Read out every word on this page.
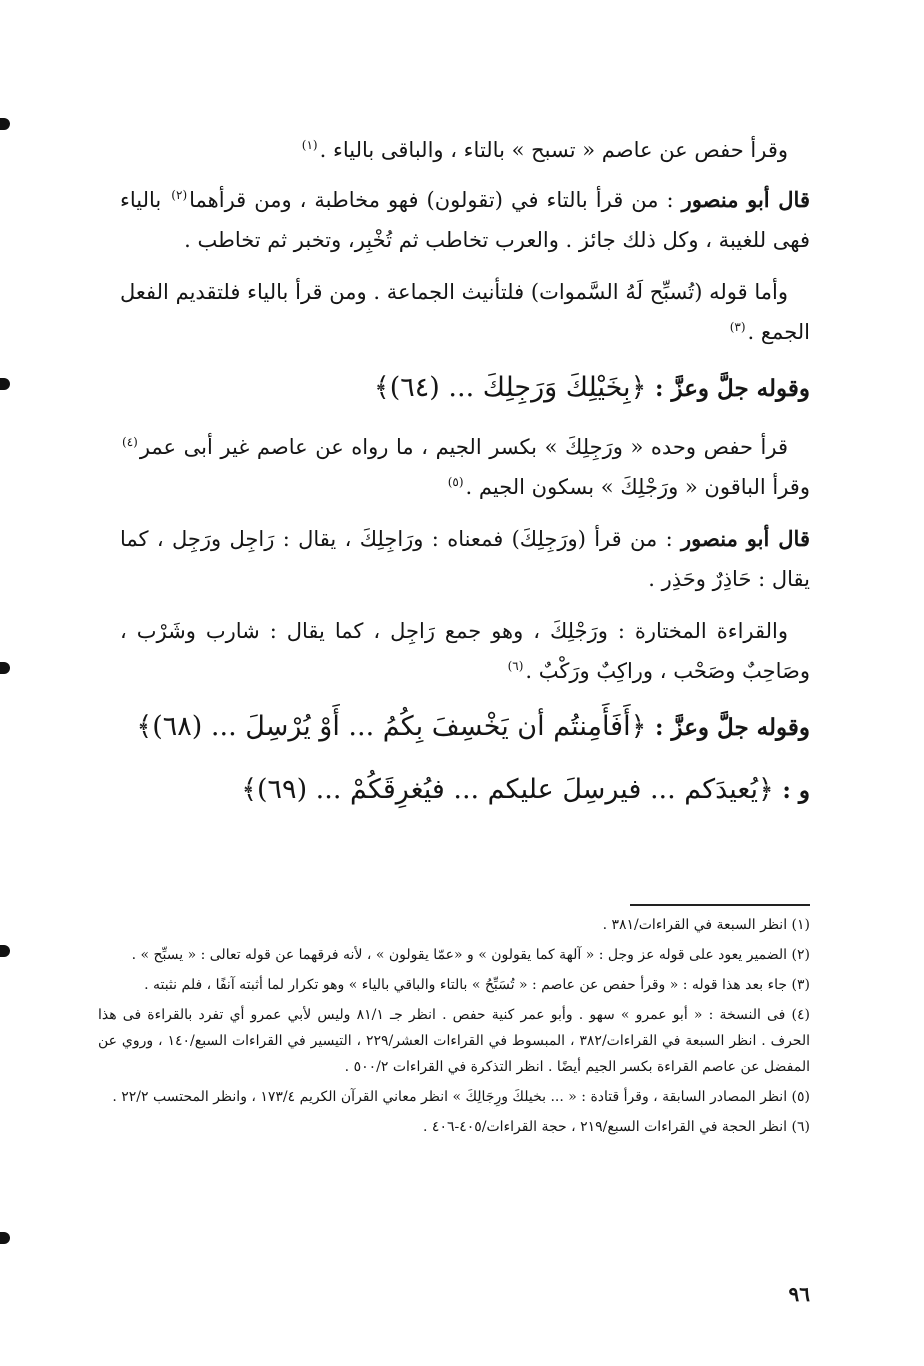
وقرأ حفص عن عاصم « تسبح » بالتاء ، والباقى بالياء .$^{(١)}$

قال أبو منصور : من قرأ بالتاء في (تقولون) فهو مخاطبة ، ومن قرأهما$^{(٢)}$ بالياء فهى للغيبة ، وكل ذلك جائز . والعرب تخاطب ثم تُخْبِر، وتخبر ثم تخاطب .

وأما قوله (تُسبِّح لَهُ السَّموات) فلتأنيث الجماعة . ومن قرأ بالياء فلتقديم الفعل الجمع .$^{(٣)}$

وقوله جلَّ وعزَّ : ﴿بِخَيْلِكَ وَرَجِلِكَ ... (٦٤)﴾

قرأ حفص وحده « ورَجِلِكَ » بكسر الجيم ، ما رواه عن عاصم غير أبى عمر$^{(٤)}$ وقرأ الباقون « ورَجْلِكَ » بسكون الجيم .$^{(٥)}$

قال أبو منصور : من قرأ (ورَجِلِكَ) فمعناه : ورَاجِلِكَ ، يقال : رَاجِل ورَجِل ، كما يقال : حَاذِرٌ وحَذِر .

والقراءة المختارة : ورَجْلِكَ ، وهو جمع رَاجِل ، كما يقال : شارب وشَرْب ، وصَاحِبٌ وصَحْب ، وراكِبٌ ورَكْبٌ .$^{(٦)}$

وقوله جلَّ وعزَّ : ﴿أَفَأَمِنتُم أن يَخْسِفَ بِكُمُ ... أَوْ يُرْسِلَ ... (٦٨)﴾
و : ﴿يُعيدَكم ... فيرسِلَ عليكم ... فيُغرِقَكُمْ ... (٦٩)﴾

(١) انظر السبعة في القراءات/٣٨١ .

(٢) الضمير يعود على قوله عز وجل : « آلهة كما يقولون » و «عمّا يقولون » ، لأنه فرقهما عن قوله تعالى : « يسبِّح » .

(٣) جاء بعد هذا قوله : « وقرأ حفص عن عاصم : « تُسَبِّحُ » بالتاء والباقي بالياء » وهو تكرار لما أثبته آنفًا ، فلم نثبته .

(٤) فى النسخة : « أبو عمرو » سهو . وأبو عمر كنية حفص . انظر جـ ٨١/١ وليس لأبي عمرو أي تفرد بالقراءة فى هذا الحرف . انظر السبعة في القراءات/٣٨٢ ، المبسوط في القراءات العشر/٢٢٩ ، التيسير في القراءات السبع/١٤٠ ، وروي عن المفضل عن عاصم القراءة بكسر الجيم أيضًا . انظر التذكرة في القراءات ٥٠٠/٢ .

(٥) انظر المصادر السابقة ، وقرأ قتادة : « ... بخيلكَ ورِجَالِكَ » انظر معاني القرآن الكريم ١٧٣/٤ ، وانظر المحتسب ٢٢/٢ .

(٦) انظر الحجة في القراءات السبع/٢١٩ ، حجة القراءات/٤٠٥-٤٠٦ .

٩٦
